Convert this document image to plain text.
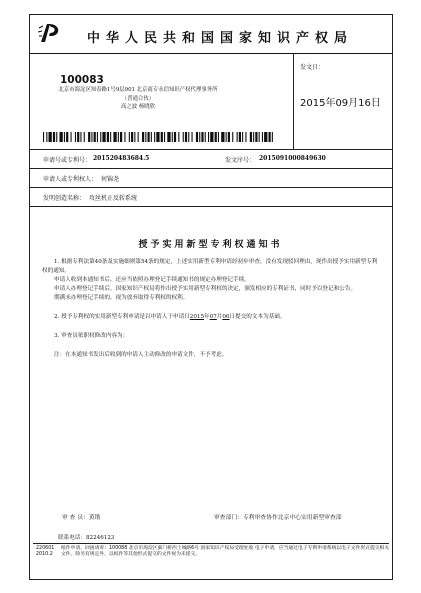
中华人民共和国国家知识产权局
100083
北京市海淀区知春路1号9层901 北京商专永信知识产权代理事务所
（普通合伙）
高之波 杨晓欣
发文日：
2015年09月16日
申请号或专利号： 201520483684.5	发文序号： 2015091000849630
申请人或专利权人： 何锦尧
发明创造名称： 攻丝机正反转系统
授予实用新型专利权通知书

1. 根据专利法第40条及实施细则第54条的规定，上述实用新型专利申请经初步审查，没有发现驳回理由，现作出授予实用新型专利权的通知。

申请人收到本通知书后，还应当依照办理登记手续通知书的规定办理登记手续。

申请人办理登记手续后，国家知识产权局将作出授予实用新型专利权的决定，颁发相应的专利证书，同时予以登记和公告。

期满未办理登记手续的，视为放弃取得专利权的权利。

2. 授予专利权的实用新型专利申请是以申请人于申请日2015年07月06日提交的文本为基础。

3. 审查员依职权修改内容为：

注：在本通知书发出后收到的申请人主动修改的申请文件，不予考虑。

审 查 员：黄锴	审查部门：专利审查协作北京中心实用新型审查部
联系电话：82246123
220601
2010.2
纸件申请，回函请寄：100088 北京市海淀区蓟门桥西土城路6号 国家知识产权局受理处收 电子申请，应当通过电子专利申请系统以电子文件形式提交相关文件。除另有规定外，以纸件等其他形式提交的文件视为未提交。
